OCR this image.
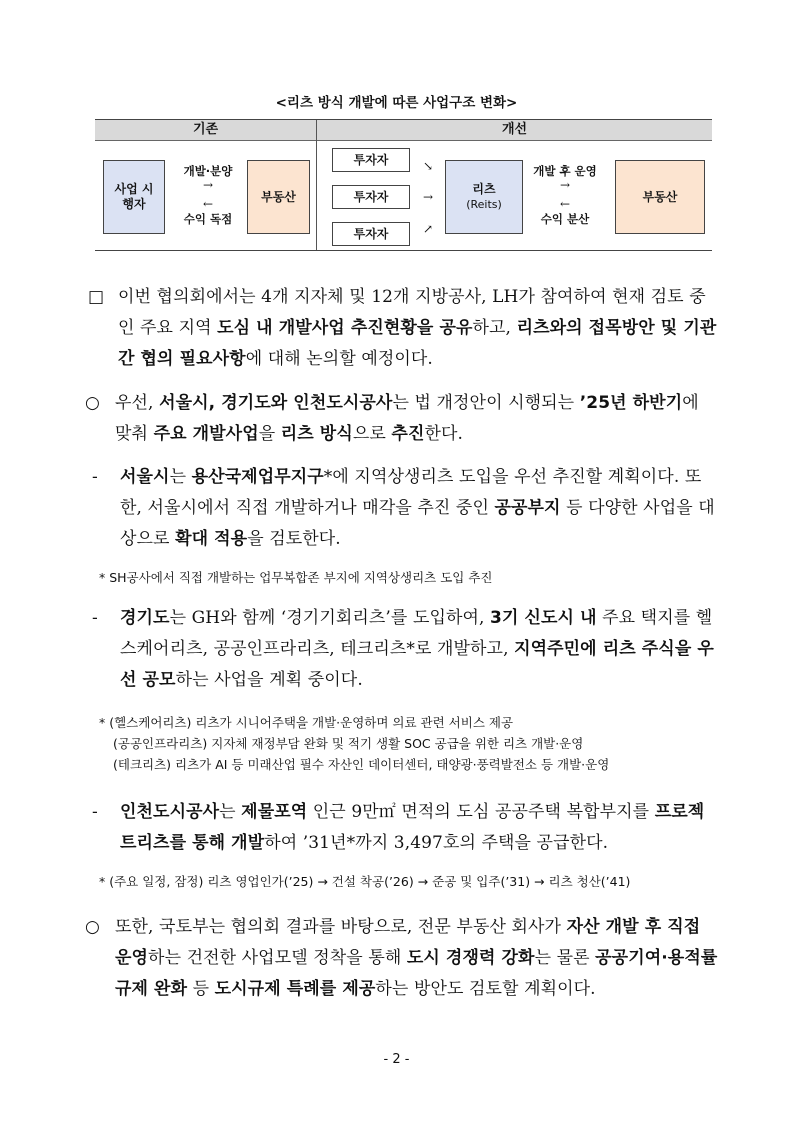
<리츠 방식 개발에 따른 사업구조 변화>
기존	개선
사업 시행자
개발·분양
→
←
수익 독점
부동산
투자자
투자자
투자자
↘
→
↗
리츠
(Reits)
개발 후 운영
→
←
수익 분산
부동산
□ 이번 협의회에서는 4개 지자체 및 12개 지방공사, LH가 참여하여 현재 검토 중인 주요 지역 도심 내 개발사업 추진현황을 공유하고, 리츠와의 접목방안 및 기관 간 협의 필요사항에 대해 논의할 예정이다.
○ 우선, 서울시, 경기도와 인천도시공사는 법 개정안이 시행되는 ’25년 하반기에 맞춰 주요 개발사업을 리츠 방식으로 추진한다.
-	서울시는 용산국제업무지구*에 지역상생리츠 도입을 우선 추진할 계획이다. 또한, 서울시에서 직접 개발하거나 매각을 추진 중인 공공부지 등 다양한 사업을 대상으로 확대 적용을 검토한다.
* SH공사에서 직접 개발하는 업무복합존 부지에 지역상생리츠 도입 추진
-	경기도는 GH와 함께 ‘경기기회리츠’를 도입하여, 3기 신도시 내 주요 택지를 헬스케어리츠, 공공인프라리츠, 테크리츠*로 개발하고, 지역주민에 리츠 주식을 우선 공모하는 사업을 계획 중이다.
* (헬스케어리츠) 리츠가 시니어주택을 개발·운영하며 의료 관련 서비스 제공
(공공인프라리츠) 지자체 재정부담 완화 및 적기 생활 SOC 공급을 위한 리츠 개발·운영
(테크리츠) 리츠가 AI 등 미래산업 필수 자산인 데이터센터, 태양광·풍력발전소 등 개발·운영
-	인천도시공사는 제물포역 인근 9만㎡ 면적의 도심 공공주택 복합부지를 프로젝트리츠를 통해 개발하여 ’31년*까지 3,497호의 주택을 공급한다.
* (주요 일정, 잠정) 리츠 영업인가(’25) → 건설 착공(’26) → 준공 및 입주(’31) → 리츠 청산(’41)
○ 또한, 국토부는 협의회 결과를 바탕으로, 전문 부동산 회사가 자산 개발 후 직접 운영하는 건전한 사업모델 정착을 통해 도시 경쟁력 강화는 물론 공공기여·용적률 규제 완화 등 도시규제 특례를 제공하는 방안도 검토할 계획이다.
- 2 -
